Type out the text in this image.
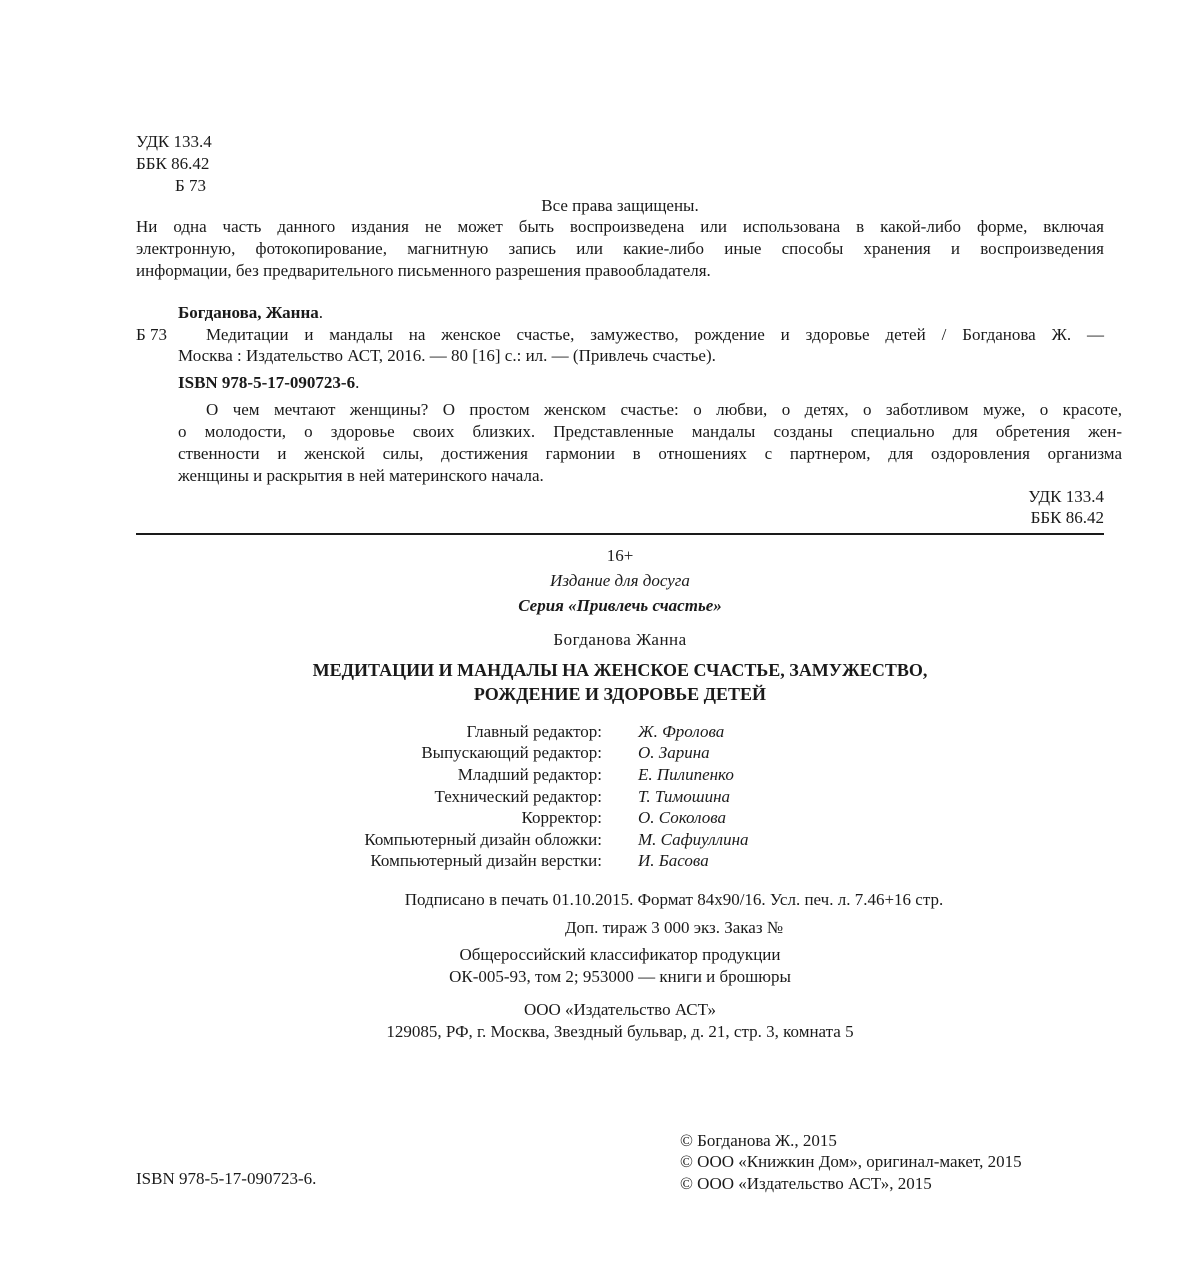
УДК 133.4
ББК 86.42
Б 73
Все права защищены.
Ни одна часть данного издания не может быть воспроизведена или использована в какой-либо форме, включая
электронную, фотокопирование, магнитную запись или какие-либо иные способы хранения и воспроизведения
информации, без предварительного письменного разрешения правообладателя.
Богданова, Жанна.
Б 73 Медитации и мандалы на женское счастье, замужество, рождение и здоровье детей / Богданова Ж. —
Москва : Издательство АСТ, 2016. — 80 [16] с.: ил. — (Привлечь счастье).
ISBN 978-5-17-090723-6.
О чем мечтают женщины? О простом женском счастье: о любви, о детях, о заботливом муже, о красоте,
о молодости, о здоровье своих близких. Представленные мандалы созданы специально для обретения жен-
ственности и женской силы, достижения гармонии в отношениях с партнером, для оздоровления организма
женщины и раскрытия в ней материнского начала.
УДК 133.4
ББК 86.42
16+
Издание для досуга
Серия «Привлечь счастье»
Богданова Жанна
МЕДИТАЦИИ И МАНДАЛЫ НА ЖЕНСКОЕ СЧАСТЬЕ, ЗАМУЖЕСТВО,
РОЖДЕНИЕ И ЗДОРОВЬЕ ДЕТЕЙ
Главный редактор: Ж. Фролова
Выпускающий редактор: О. Зарина
Младший редактор: Е. Пилипенко
Технический редактор: Т. Тимошина
Корректор: О. Соколова
Компьютерный дизайн обложки: М. Сафиуллина
Компьютерный дизайн верстки: И. Басова
Подписано в печать 01.10.2015. Формат 84x90/16. Усл. печ. л. 7.46+16 стр.
Доп. тираж 3 000 экз. Заказ №
Общероссийский классификатор продукции
ОК-005-93, том 2; 953000 — книги и брошюры
ООО «Издательство АСТ»
129085, РФ, г. Москва, Звездный бульвар, д. 21, стр. 3, комната 5
ISBN 978-5-17-090723-6.
© Богданова Ж., 2015
© ООО «Книжкин Дом», оригинал-макет, 2015
© ООО «Издательство АСТ», 2015
